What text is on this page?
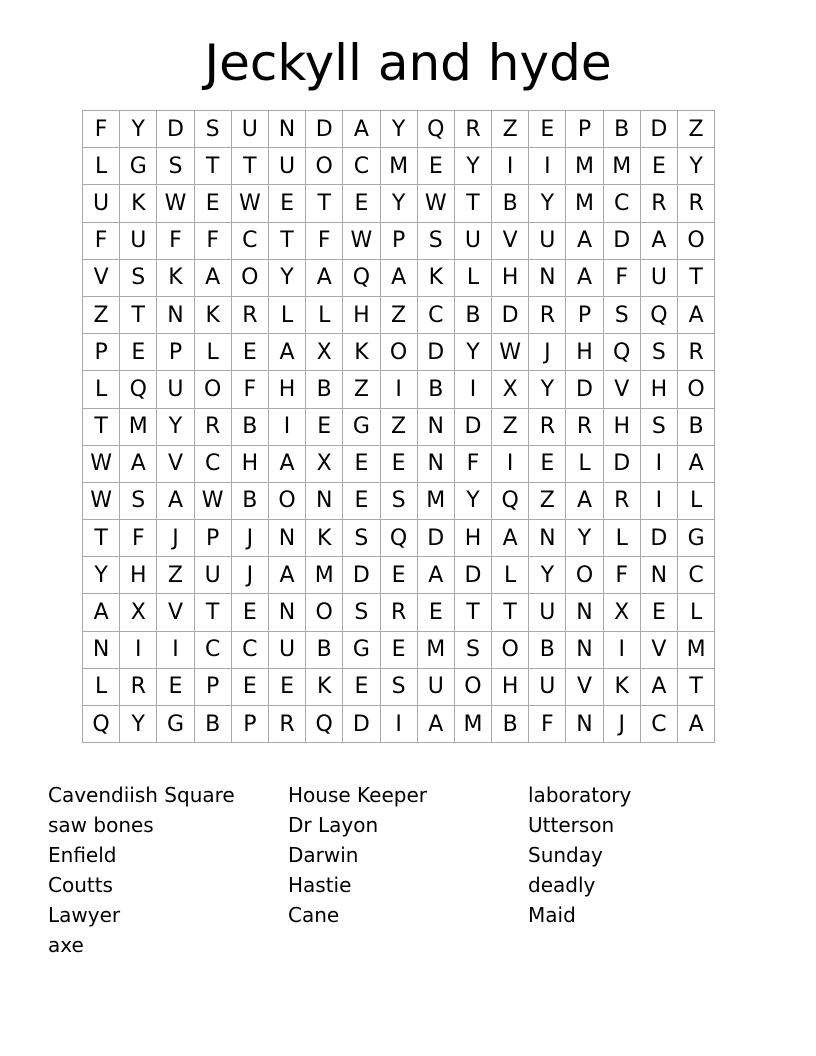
Jeckyll and hyde
F	Y	D	S	U	N	D	A	Y	Q	R	Z	E	P	B	D	Z
L	G	S	T	T	U	O	C	M	E	Y	I	I	M	M	E	Y
U	K	W	E	W	E	T	E	Y	W	T	B	Y	M	C	R	R
F	U	F	F	C	T	F	W	P	S	U	V	U	A	D	A	O
V	S	K	A	O	Y	A	Q	A	K	L	H	N	A	F	U	T
Z	T	N	K	R	L	L	H	Z	C	B	D	R	P	S	Q	A
P	E	P	L	E	A	X	K	O	D	Y	W	J	H	Q	S	R
L	Q	U	O	F	H	B	Z	I	B	I	X	Y	D	V	H	O
T	M	Y	R	B	I	E	G	Z	N	D	Z	R	R	H	S	B
W	A	V	C	H	A	X	E	E	N	F	I	E	L	D	I	A
W	S	A	W	B	O	N	E	S	M	Y	Q	Z	A	R	I	L
T	F	J	P	J	N	K	S	Q	D	H	A	N	Y	L	D	G
Y	H	Z	U	J	A	M	D	E	A	D	L	Y	O	F	N	C
A	X	V	T	E	N	O	S	R	E	T	T	U	N	X	E	L
N	I	I	C	C	U	B	G	E	M	S	O	B	N	I	V	M
L	R	E	P	E	E	K	E	S	U	O	H	U	V	K	A	T
Q	Y	G	B	P	R	Q	D	I	A	M	B	F	N	J	C	A
Cavendiish Square	House Keeper	laboratory
saw bones	Dr Layon	Utterson
Enfield	Darwin	Sunday
Coutts	Hastie	deadly
Lawyer	Cane	Maid
axe
